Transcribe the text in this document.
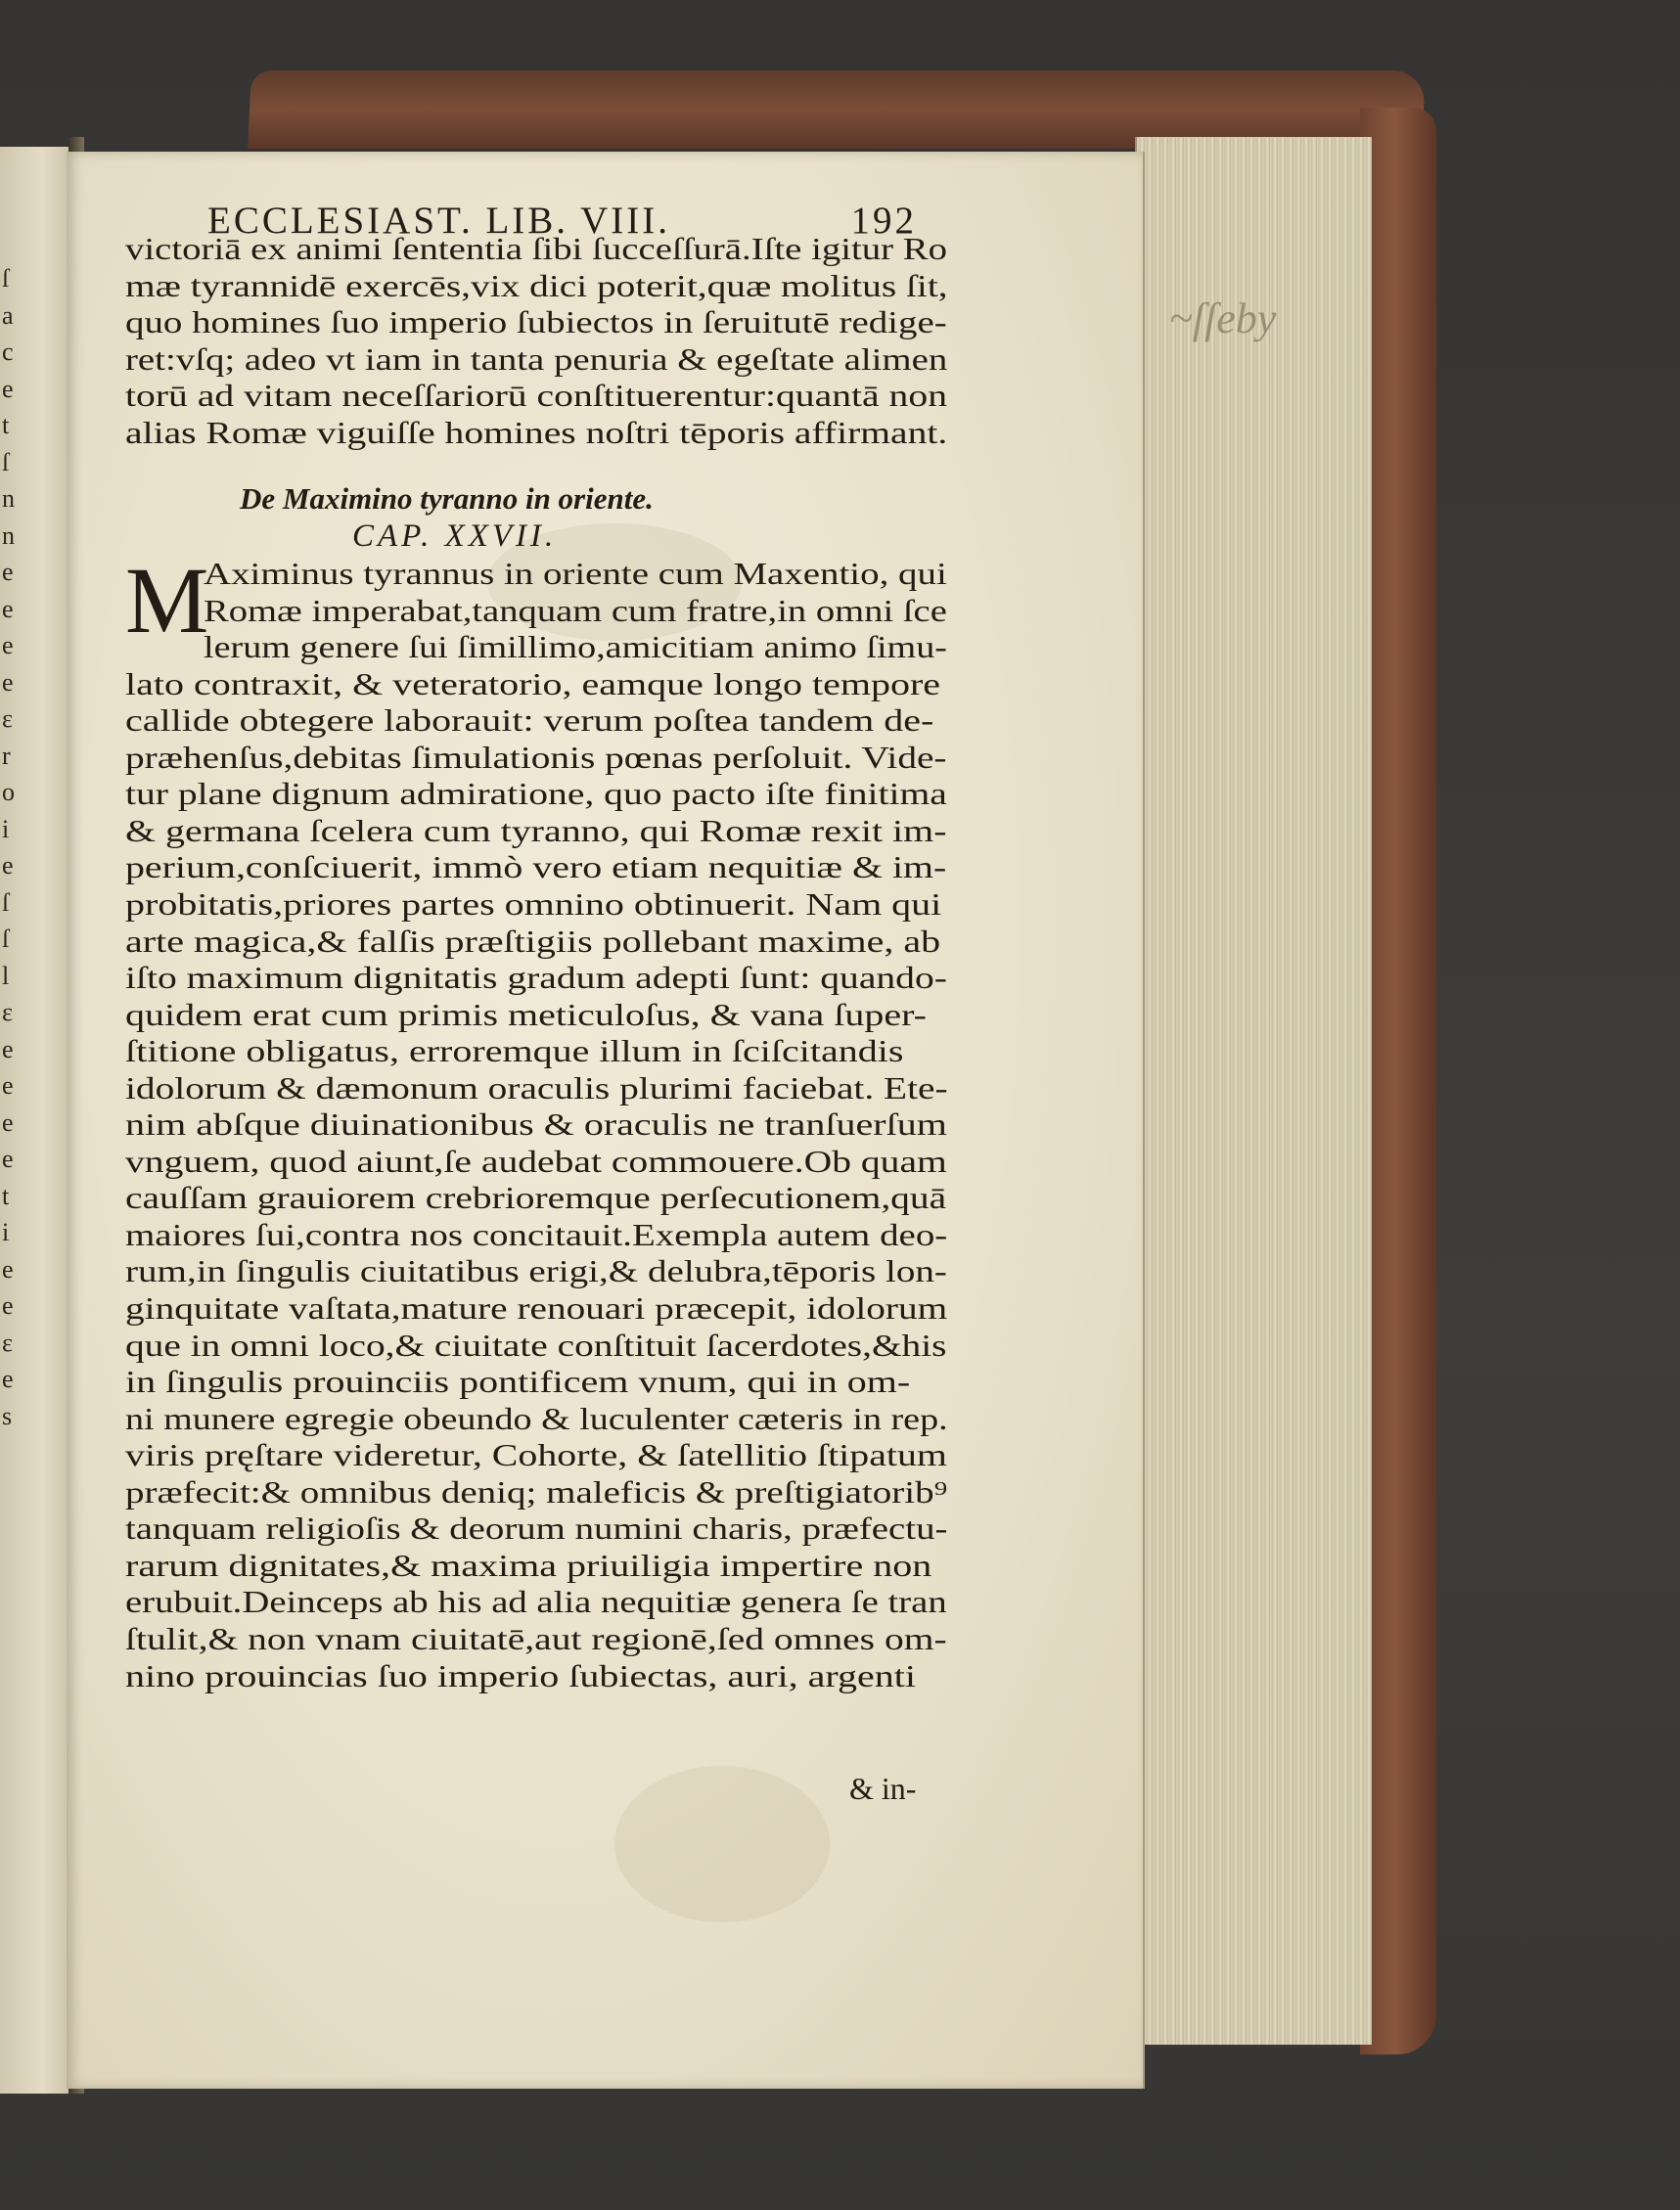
~ſſeby
ſ
a
c
e
t
ſ
n
n
e
e
e
e
ε
r
o
i
e
ſ
ſ
l
ε
e
e
e
e
t
i
e
e
ε
e
s
ECCLESIAST. LIB. VIII.	192
victoriā ex animi ſententia ſibi ſucceſſurā.Iſte igitur Ro
mæ tyrannidē exercēs,vix dici poterit,quæ molitus ſit,
quo homines ſuo imperio ſubiectos in ſeruitutē redige-
ret:vſq; adeo vt iam in tanta penuria & egeſtate alimen
torū ad vitam neceſſariorū conſtituerentur:quantā non
alias Romæ viguiſſe homines noſtri tēporis affirmant.
De Maximino tyranno in oriente.
CAP. XXVII.
M
Aximinus tyrannus in oriente cum Maxentio, qui
Romæ imperabat,tanquam cum fratre,in omni ſce
lerum genere ſui ſimillimo,amicitiam animo ſimu-
lato contraxit, & veteratorio, eamque longo tempore
callide obtegere laborauit: verum poſtea tandem de-
præhenſus,debitas ſimulationis pœnas perſoluit. Vide-
tur plane dignum admiratione, quo pacto iſte finitima
& germana ſcelera cum tyranno, qui Romæ rexit im-
perium,conſciuerit, immò vero etiam nequitiæ & im-
probitatis,priores partes omnino obtinuerit. Nam qui
arte magica,& falſis præſtigiis pollebant maxime, ab
iſto maximum dignitatis gradum adepti ſunt: quando-
quidem erat cum primis meticuloſus, & vana ſuper-
ſtitione obligatus, erroremque illum in ſciſcitandis
idolorum & dæmonum oraculis plurimi faciebat. Ete-
nim abſque diuinationibus & oraculis ne tranſuerſum
vnguem, quod aiunt,ſe audebat commouere.Ob quam
cauſſam grauiorem crebrioremque perſecutionem,quā
maiores ſui,contra nos concitauit.Exempla autem deo-
rum,in ſingulis ciuitatibus erigi,& delubra,tēporis lon-
ginquitate vaſtata,mature renouari præcepit, idolorum
que in omni loco,& ciuitate conſtituit ſacerdotes,&his
in ſingulis prouinciis pontificem vnum, qui in om-
ni munere egregie obeundo & luculenter cæteris in rep.
viris pręſtare videretur, Cohorte, & ſatellitio ſtipatum
præfecit:& omnibus deniq; maleficis & preſtigiatorib⁹
tanquam religioſis & deorum numini charis, præfectu-
rarum dignitates,& maxima priuiligia impertire non
erubuit.Deinceps ab his ad alia nequitiæ genera ſe tran
ſtulit,& non vnam ciuitatē,aut regionē,ſed omnes om-
nino prouincias ſuo imperio ſubiectas, auri, argenti
& in-
